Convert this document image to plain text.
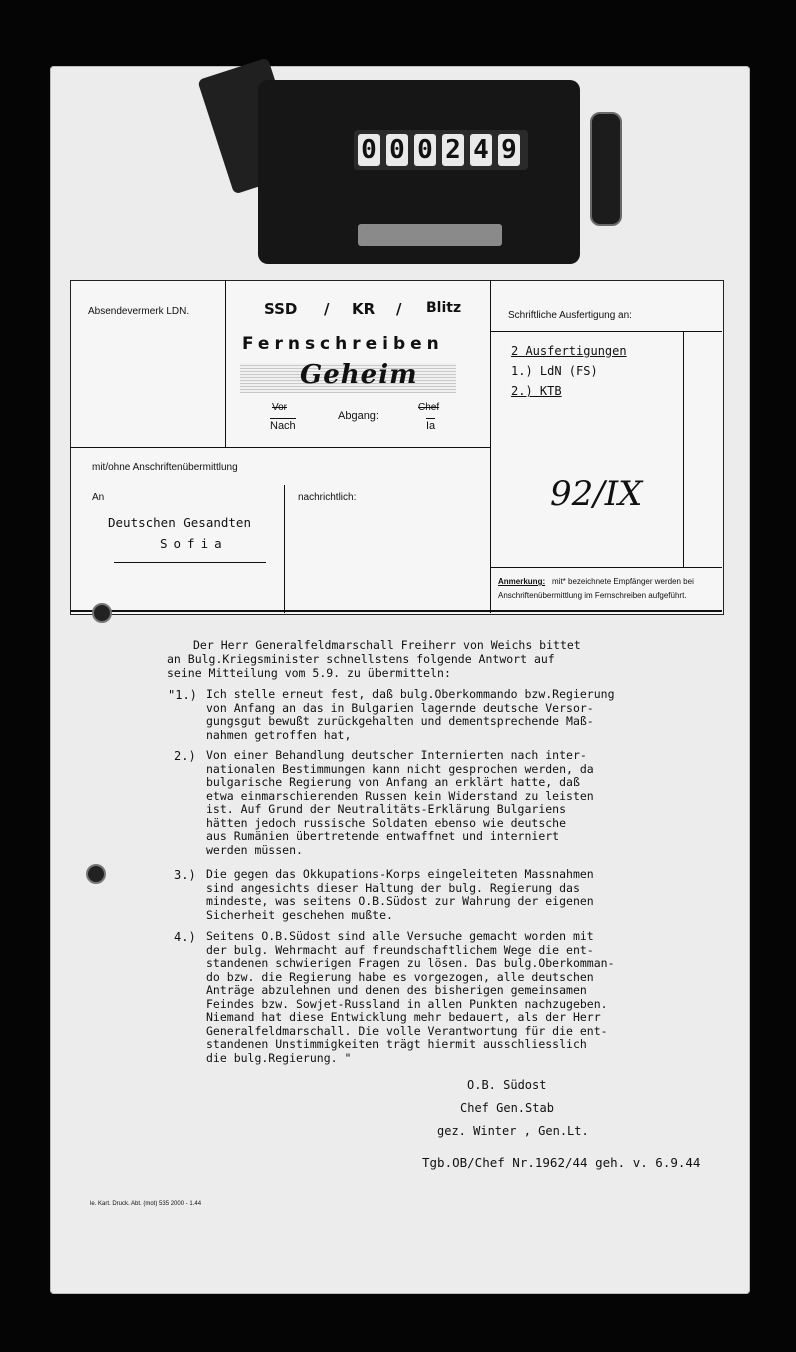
0 0 0 2 4 9
Absendevermerk LDN.	SSD / KR / Blitz
Fernschreiben
Geheim
Vor
Nach
Abgang:
Chef
Ia
Schriftliche Ausfertigung an:
2 Ausfertigungen
1.) LdN (FS)
2.) KTB
92/IX
mit/ohne Anschriftenübermittlung
An
Deutschen Gesandten
Sofia
nachrichtlich:
Anmerkung: mit* bezeichnete Empfänger werden bei
Anschriftenübermittlung im Fernschreiben aufgeführt.
Der Herr Generalfeldmarschall Freiherr von Weichs bittet
an Bulg.Kriegsminister schnellstens folgende Antwort auf
seine Mitteilung vom 5.9. zu übermitteln:
"1.) Ich stelle erneut fest, daß bulg.Oberkommando bzw.Regierung
von Anfang an das in Bulgarien lagernde deutsche Versor-
gungsgut bewußt zurückgehalten und dementsprechende Maß-
nahmen getroffen hat,
2.) Von einer Behandlung deutscher Internierten nach inter-
nationalen Bestimmungen kann nicht gesprochen werden, da
bulgarische Regierung von Anfang an erklärt hatte, daß
etwa einmarschierenden Russen kein Widerstand zu leisten
ist. Auf Grund der Neutralitäts-Erklärung Bulgariens
hätten jedoch russische Soldaten ebenso wie deutsche
aus Rumänien übertretende entwaffnet und interniert
werden müssen.
3.) Die gegen das Okkupations-Korps eingeleiteten Massnahmen
sind angesichts dieser Haltung der bulg. Regierung das
mindeste, was seitens O.B.Südost zur Wahrung der eigenen
Sicherheit geschehen mußte.
4.) Seitens O.B.Südost sind alle Versuche gemacht worden mit
der bulg. Wehrmacht auf freundschaftlichem Wege die ent-
standenen schwierigen Fragen zu lösen. Das bulg.Oberkomman-
do bzw. die Regierung habe es vorgezogen, alle deutschen
Anträge abzulehnen und denen des bisherigen gemeinsamen
Feindes bzw. Sowjet-Russland in allen Punkten nachzugeben.
Niemand hat diese Entwicklung mehr bedauert, als der Herr
Generalfeldmarschall. Die volle Verantwortung für die ent-
standenen Unstimmigkeiten trägt hiermit ausschliesslich
die bulg.Regierung. "
O.B. Südost
Chef Gen.Stab
gez. Winter , Gen.Lt.
Tgb.OB/Chef Nr.1962/44 geh. v. 6.9.44
le. Kart. Druck. Abt. (mot) 535 2000 - 1.44
